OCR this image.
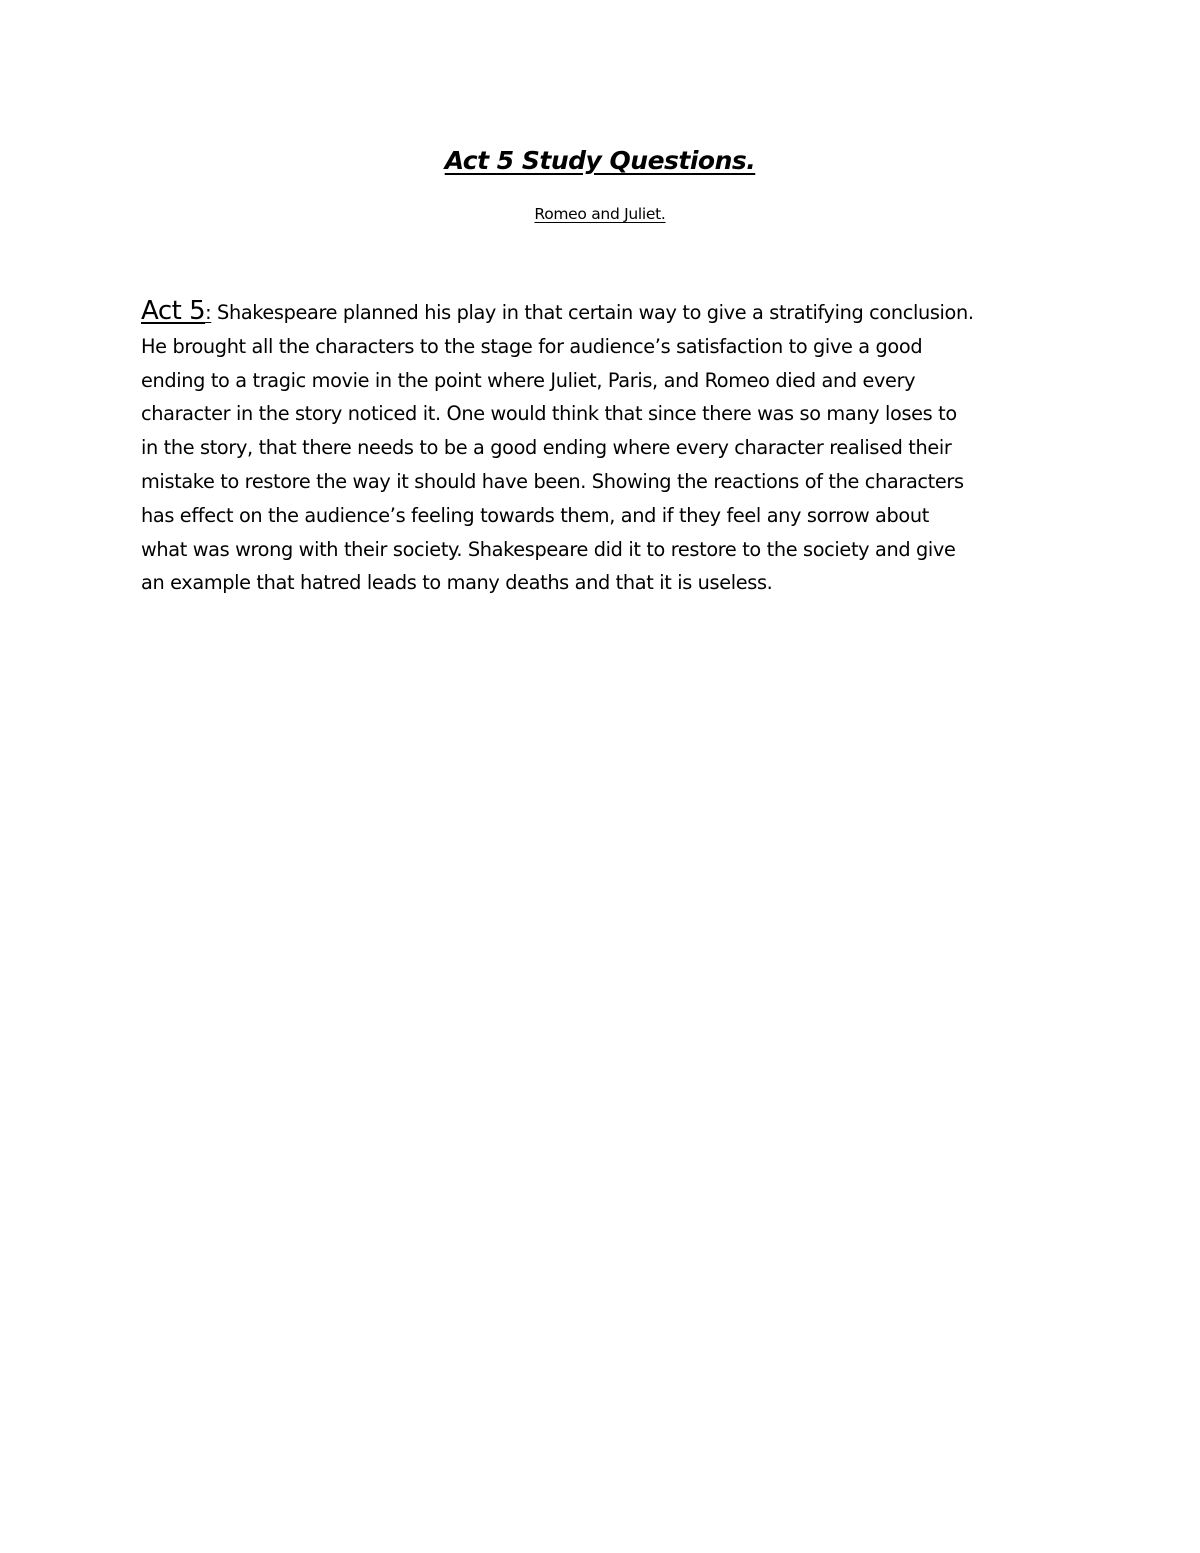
Act 5 Study Questions.
Romeo and Juliet.

Act 5: Shakespeare planned his play in that certain way to give a stratifying conclusion.
He brought all the characters to the stage for audience’s satisfaction to give a good
ending to a tragic movie in the point where Juliet, Paris, and Romeo died and every
character in the story noticed it. One would think that since there was so many loses to
in the story, that there needs to be a good ending where every character realised their
mistake to restore the way it should have been. Showing the reactions of the characters
has effect on the audience’s feeling towards them, and if they feel any sorrow about
what was wrong with their society. Shakespeare did it to restore to the society and give
an example that hatred leads to many deaths and that it is useless.
